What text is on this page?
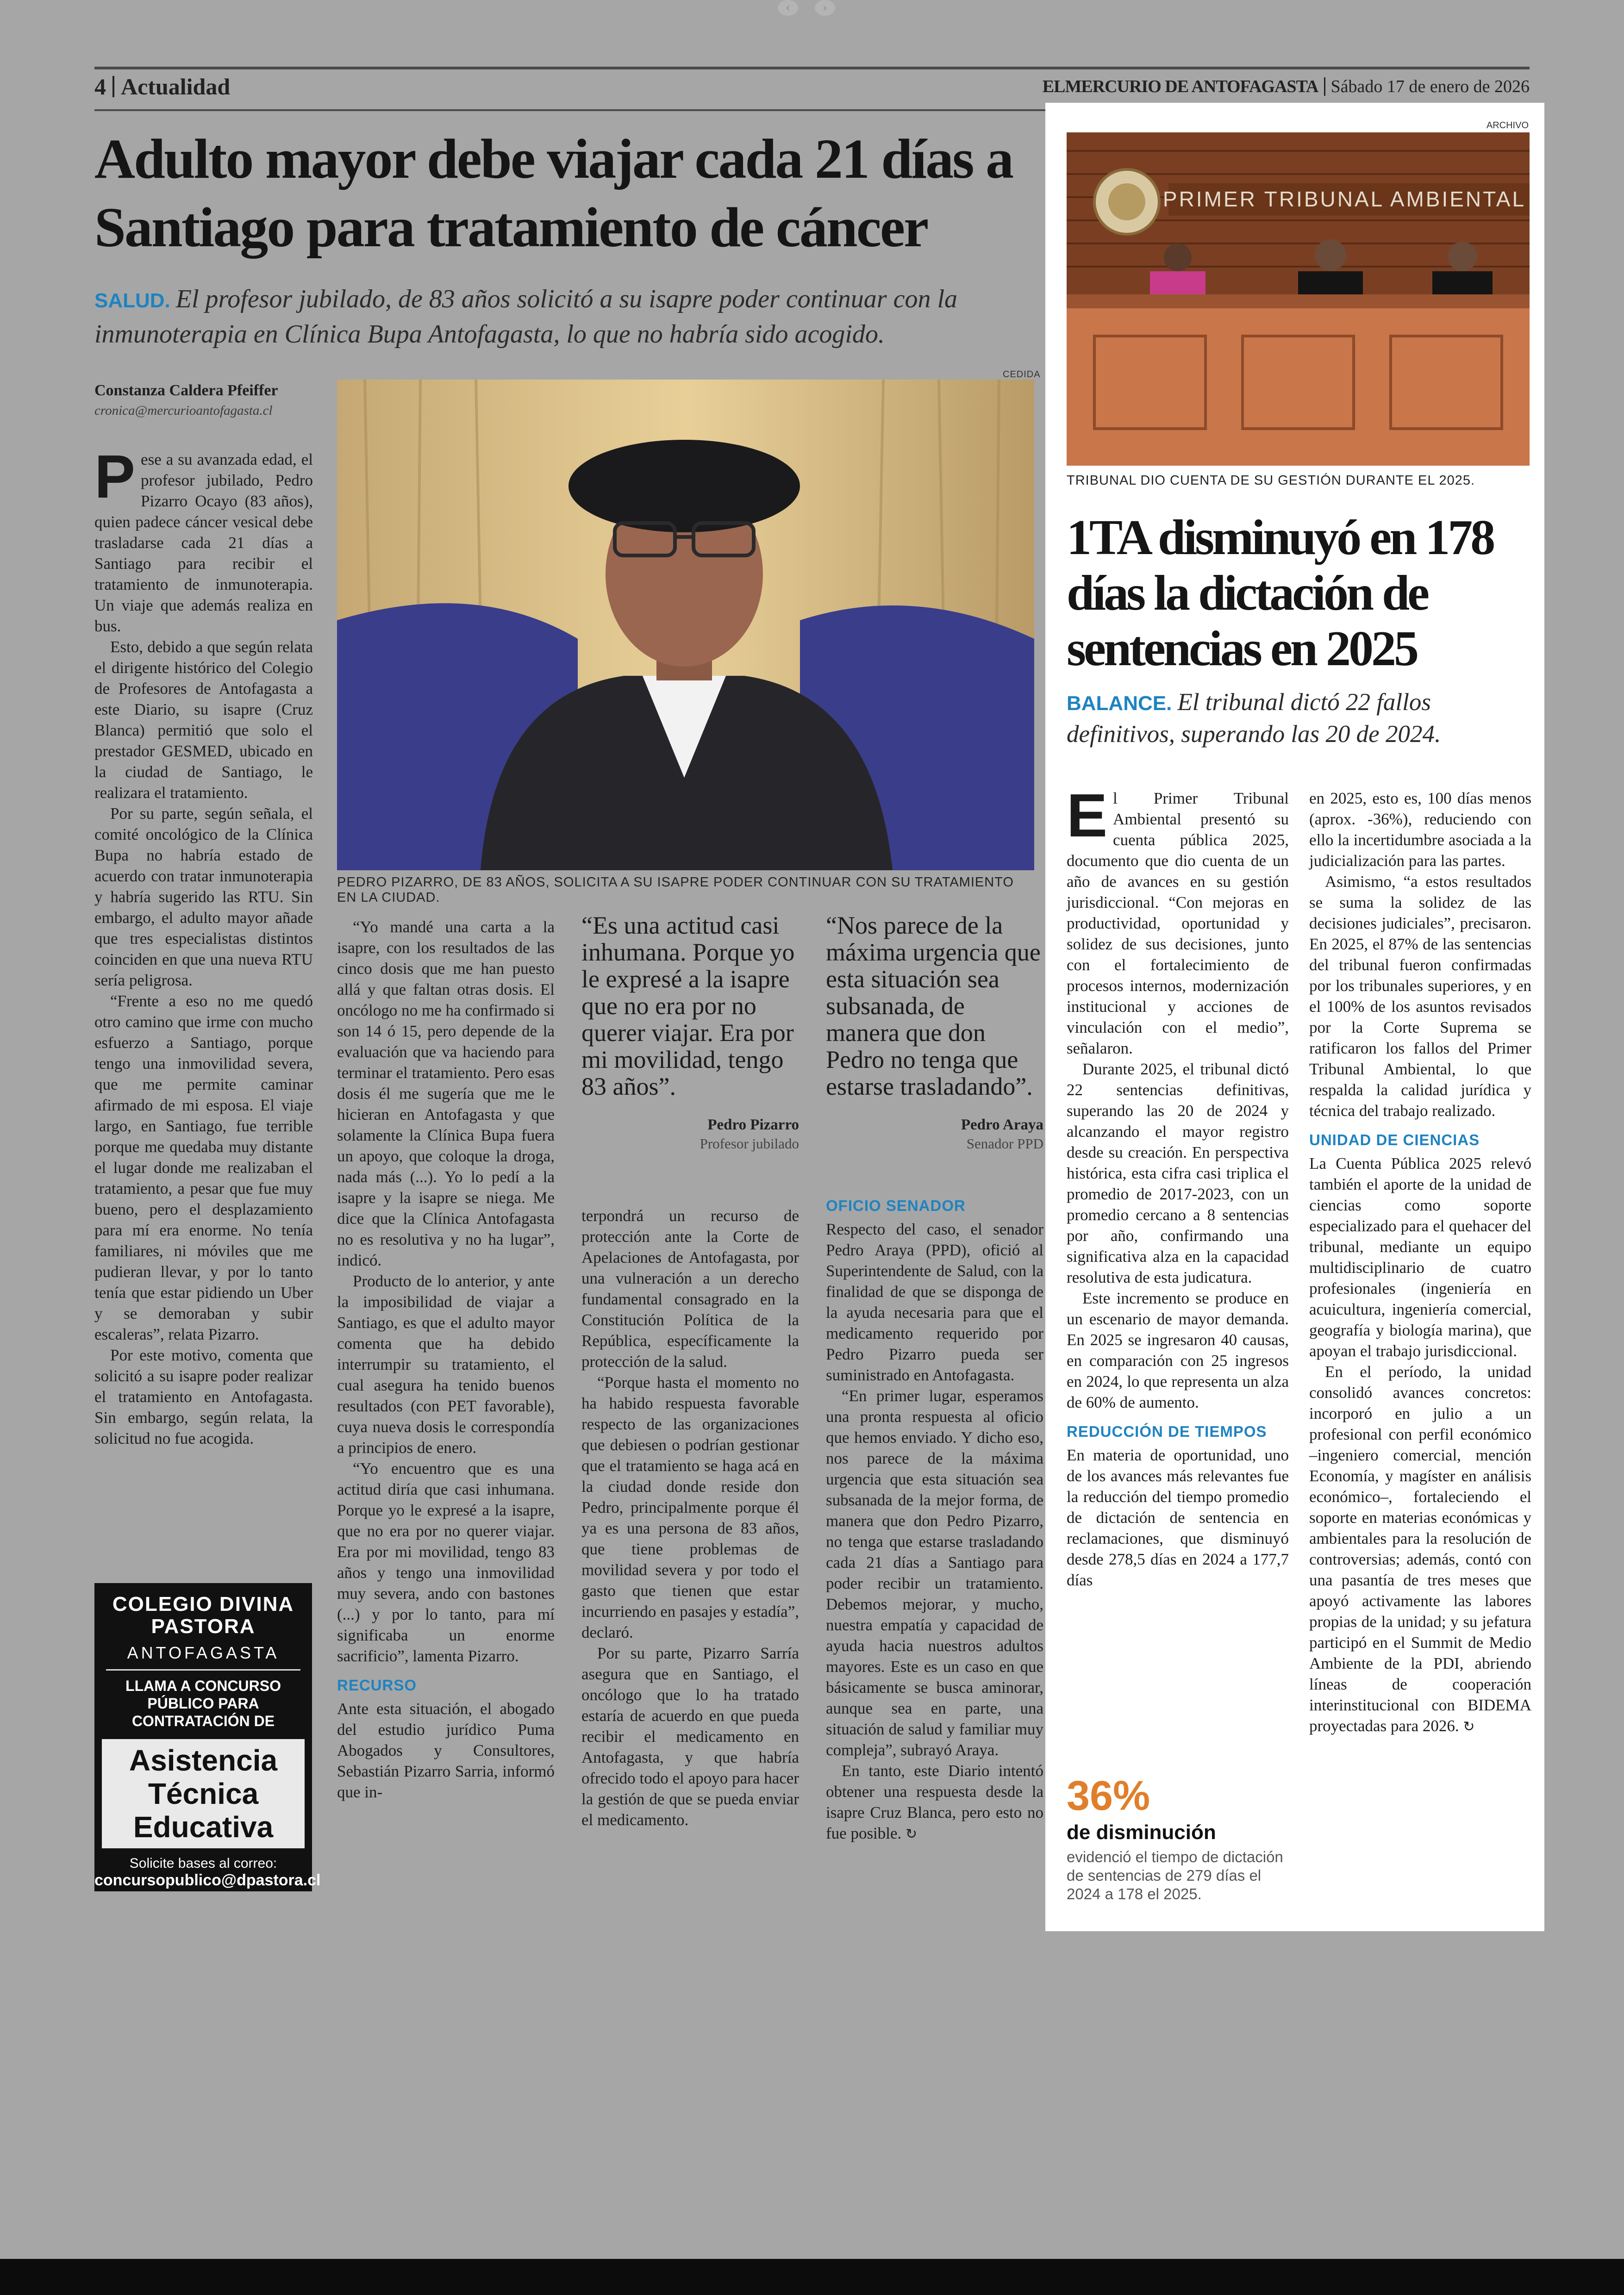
‹	›
4 Actualidad	ELMERCURIO DE ANTOFAGASTA Sábado 17 de enero de 2026
Adulto mayor debe viajar cada 21 días a Santiago para tratamiento de cáncer
SALUD. El profesor jubilado, de 83 años solicitó a su isapre poder continuar con la inmunoterapia en Clínica Bupa Antofagasta, lo que no habría sido acogido.
Constanza Caldera Pfeiffer
cronica@mercurioantofagasta.cl
CEDIDA
PEDRO PIZARRO, DE 83 AÑOS, SOLICITA A SU ISAPRE PODER CONTINUAR CON SU TRATAMIENTO EN LA CIUDAD.

Pese a su avanzada edad, el profesor jubilado, Pedro Pizarro Ocayo (83 años), quien padece cáncer vesical debe trasladarse cada 21 días a Santiago para recibir el tratamiento de inmunoterapia. Un viaje que además realiza en bus.

Esto, debido a que según relata el dirigente histórico del Colegio de Profesores de Antofagasta a este Diario, su isapre (Cruz Blanca) permitió que solo el prestador GESMED, ubicado en la ciudad de Santiago, le realizara el tratamiento.

Por su parte, según señala, el comité oncológico de la Clínica Bupa no habría estado de acuerdo con tratar inmunoterapia y habría sugerido las RTU. Sin embargo, el adulto mayor añade que tres especialistas distintos coinciden en que una nueva RTU sería peligrosa.

“Frente a eso no me quedó otro camino que irme con mucho esfuerzo a Santiago, porque tengo una inmovilidad severa, que me permite caminar afirmado de mi esposa. El viaje largo, en Santiago, fue terrible porque me quedaba muy distante el lugar donde me realizaban el tratamiento, a pesar que fue muy bueno, pero el desplazamiento para mí era enorme. No tenía familiares, ni móviles que me pudieran llevar, y por lo tanto tenía que estar pidiendo un Uber y se demoraban y subir escaleras”, relata Pizarro.

Por este motivo, comenta que solicitó a su isapre poder realizar el tratamiento en Antofagasta. Sin embargo, según relata, la solicitud no fue acogida.

COLEGIO DIVINA PASTORA
ANTOFAGASTA
LLAMA A CONCURSO PÚBLICO PARA CONTRATACIÓN DE
Asistencia Técnica Educativa
Solicite bases al correo:
concursopublico@dpastora.cl

“Yo mandé una carta a la isapre, con los resultados de las cinco dosis que me han puesto allá y que faltan otras dosis. El oncólogo no me ha confirmado si son 14 ó 15, pero depende de la evaluación que va haciendo para terminar el tratamiento. Pero esas dosis él me sugería que me le hicieran en Antofagasta y que solamente la Clínica Bupa fuera un apoyo, que coloque la droga, nada más (...). Yo lo pedí a la isapre y la isapre se niega. Me dice que la Clínica Antofagasta no es resolutiva y no ha lugar”, indicó.

Producto de lo anterior, y ante la imposibilidad de viajar a Santiago, es que el adulto mayor comenta que ha debido interrumpir su tratamiento, el cual asegura ha tenido buenos resultados (con PET favorable), cuya nueva dosis le correspondía a principios de enero.

“Yo encuentro que es una actitud diría que casi inhumana. Porque yo le expresé a la isapre, que no era por no querer viajar. Era por mi movilidad, tengo 83 años y tengo una inmovilidad muy severa, ando con bastones (...) y por lo tanto, para mí significaba un enorme sacrificio”, lamenta Pizarro.

RECURSO

Ante esta situación, el abogado del estudio jurídico Puma Abogados y Consultores, Sebastián Pizarro Sarria, informó que in-

“Es una actitud casi inhumana. Porque yo le expresé a la isapre que no era por no querer viajar. Era por mi movilidad, tengo 83 años”.
Pedro Pizarro
Profesor jubilado
“Nos parece de la máxima urgencia que esta situación sea subsanada, de manera que don Pedro no tenga que estarse trasladando”.
Pedro Araya
Senador PPD

terpondrá un recurso de protección ante la Corte de Apelaciones de Antofagasta, por una vulneración a un derecho fundamental consagrado en la Constitución Política de la República, específicamente la protección de la salud.

“Porque hasta el momento no ha habido respuesta favorable respecto de las organizaciones que debiesen o podrían gestionar que el tratamiento se haga acá en la ciudad donde reside don Pedro, principalmente porque él ya es una persona de 83 años, que tiene problemas de movilidad severa y por todo el gasto que tienen que estar incurriendo en pasajes y estadía”, declaró.

Por su parte, Pizarro Sarría asegura que en Santiago, el oncólogo que lo ha tratado estaría de acuerdo en que pueda recibir el medicamento en Antofagasta, y que habría ofrecido todo el apoyo para hacer la gestión de que se pueda enviar el medicamento.

OFICIO SENADOR

Respecto del caso, el senador Pedro Araya (PPD), ofició al Superintendente de Salud, con la finalidad de que se disponga de la ayuda necesaria para que el medicamento requerido por Pedro Pizarro pueda ser suministrado en Antofagasta.

“En primer lugar, esperamos una pronta respuesta al oficio que hemos enviado. Y dicho eso, nos parece de la máxima urgencia que esta situación sea subsanada de la mejor forma, de manera que don Pedro Pizarro, no tenga que estarse trasladando cada 21 días a Santiago para poder recibir un tratamiento. Debemos mejorar, y mucho, nuestra empatía y capacidad de ayuda hacia nuestros adultos mayores. Este es un caso en que básicamente se busca aminorar, aunque sea en parte, una situación de salud y familiar muy compleja”, subrayó Araya.

En tanto, este Diario intentó obtener una respuesta desde la isapre Cruz Blanca, pero esto no fue posible. ↻

ARCHIVO
PRIMER TRIBUNAL AMBIENTAL
TRIBUNAL DIO CUENTA DE SU GESTIÓN DURANTE EL 2025.
1TA disminuyó en 178 días la dictación de sentencias en 2025
BALANCE. El tribunal dictó 22 fallos definitivos, superando las 20 de 2024.

El Primer Tribunal Ambiental presentó su cuenta pública 2025, documento que dio cuenta de un año de avances en su gestión jurisdiccional. “Con mejoras en productividad, oportunidad y solidez de sus decisiones, junto con el fortalecimiento de procesos internos, modernización institucional y acciones de vinculación con el medio”, señalaron.

Durante 2025, el tribunal dictó 22 sentencias definitivas, superando las 20 de 2024 y alcanzando el mayor registro desde su creación. En perspectiva histórica, esta cifra casi triplica el promedio de 2017-2023, con un promedio cercano a 8 sentencias por año, confirmando una significativa alza en la capacidad resolutiva de esta judicatura.

Este incremento se produce en un escenario de mayor demanda. En 2025 se ingresaron 40 causas, en comparación con 25 ingresos en 2024, lo que representa un alza de 60% de aumento.

REDUCCIÓN DE TIEMPOS

En materia de oportunidad, uno de los avances más relevantes fue la reducción del tiempo promedio de dictación de sentencia en reclamaciones, que disminuyó desde 278,5 días en 2024 a 177,7 días

36%
de disminución
evidenció el tiempo de dictación de sentencias de 279 días el 2024 a 178 el 2025.

en 2025, esto es, 100 días menos (aprox. -36%), reduciendo con ello la incertidumbre asociada a la judicialización para las partes.

Asimismo, “a estos resultados se suma la solidez de las decisiones judiciales”, precisaron. En 2025, el 87% de las sentencias del tribunal fueron confirmadas por los tribunales superiores, y en el 100% de los asuntos revisados por la Corte Suprema se ratificaron los fallos del Primer Tribunal Ambiental, lo que respalda la calidad jurídica y técnica del trabajo realizado.

UNIDAD DE CIENCIAS

La Cuenta Pública 2025 relevó también el aporte de la unidad de ciencias como soporte especializado para el quehacer del tribunal, mediante un equipo multidisciplinario de cuatro profesionales (ingeniería en acuicultura, ingeniería comercial, geografía y biología marina), que apoyan el trabajo jurisdiccional.

En el período, la unidad consolidó avances concretos: incorporó en julio a un profesional con perfil económico –ingeniero comercial, mención Economía, y magíster en análisis económico–, fortaleciendo el soporte en materias económicas y ambientales para la resolución de controversias; además, contó con una pasantía de tres meses que apoyó activamente las labores propias de la unidad; y su jefatura participó en el Summit de Medio Ambiente de la PDI, abriendo líneas de cooperación interinstitucional con BIDEMA proyectadas para 2026. ↻
